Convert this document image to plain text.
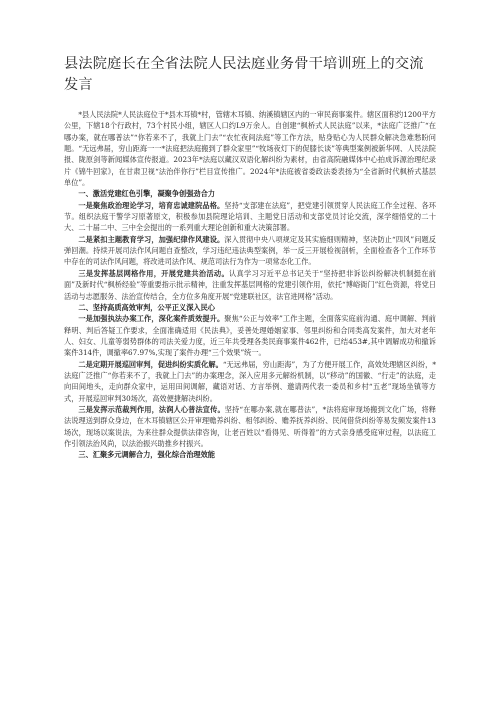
县法院庭长在全省法院人民法庭业务骨干培训班上的交流发言

*县人民法院*人民法庭位于*县木耳镇*村，管辖木耳镇、纳溪镇辖区内的一审民商事案件。辖区面积约1200平方公里，下辖18个行政村，73个村民小组，辖区人口约L9万余人。自创建“枫桥式人民法庭”以来，*法庭广泛推广“在哪办案，就在哪普法”“你若来不了，我就上门去”“农忙夜间法庭”等工作方法，贴身贴心为人民群众解决急难愁盼问题。“无远弗届，穷山距海一一*法庭把法庭搬到了群众家里”“牧场夜灯下的促膝长谈”等典型案例被新华网、人民法院报、陇原剑等新闻媒体宣传报道。2023年*法庭以藏汉双语化解纠纷为素材，由省高院融媒体中心拍成诉源治理纪录片《锦牛回家》，在甘肃卫视“法治伴你行”栏目宣传推广。2024年*法庭被省委政法委表扬为“全省新时代枫桥式基层单位”。

一、激活党建红色引擎，凝聚争创强劲合力

一是聚焦政治理论学习，培育忠诚建院品格。坚持“支部建在法庭”，把党建引领贯穿人民法庭工作全过程、各环节。组织法庭干警学习原著原文，积极参加县院理论培训、主题党日活动和支部党员讨论交流，深学细悟党的二十大、二十届二中、三中全会提出的一系列重大理论创新和重大决策部署。

二是紧扣主题教育学习，加强纪律作风建设。深入贯彻中央八项规定及其实施细则精神，坚决防止“四风”问题反弹回潮。持续开展司法作风问题自查整改，学习违纪违法典型案例，举一反三开展检视剖析，全面检查各个工作环节中存在的司法作风问题，将改进司法作风、规范司法行为作为一项常态化工作。

三是发挥基层网格作用，开展党建共治活动。认真学习习近平总书记关于“坚持把非诉讼纠纷解决机制挺在前面”及新时代“枫桥经验”等重要指示批示精神，注重发挥基层网格的党建引领作用，依托“博峪衙门”红色资源，将党日活动与志愿服务、法治宣传结合，全方位多角度开展“党建联社区，法官进网格”活动。

二、坚持高质高效审判，公平正义深入民心

一是加强执法办案工作，深化案件质效提升。聚焦“公正与效率”工作主题，全面落实庭前沟通、庭中调解、判前释明、判后答疑工作要求，全面准确适用《民法典》，妥善处理婚姻家事、邻里纠纷和合同类高发案件，加大对老年人、妇女、儿童等弱势群体的司法关爱力度，近三年共受理各类民商事案件462件，已结453#,其中调解成功和撤诉案件314件，调撤率67.97%,实现了案件办理“三个效果”统一。

二是定期开展巡回审判，促进纠纷实质化解。“无远弗届，穷山距海”，为了方便开展工作，高效处理辖区纠纷，*法庭广泛推广“你若来不了，我就上门去”的办案理念，深入应用多元解纷机制，以“移动”的国徽、“行走”的法庭，走向田间地头，走向群众家中，运用田间调解，藏语对话、方言举例、邀请两代表一委员和乡村“五老”现场坐镇等方式，开展巡回审判30场次，高效便捷解决纠纷。

三是发挥示范裁判作用，法润人心普法宣传。坚持“在哪办案,就在哪普法”，*法将庭审现场搬到文化广场，将释法说理送到群众身边，在木耳镇辖区公开审理赡养纠纷、相邻纠纷、赡养抚养纠纷、民间借贷纠纷等易发频发案件13场次，现场以案说法，为来往群众提供法律咨询，让老百姓以“看得见、听得着”的方式亲身感受庭审过程，以法庭工作引领法治风尚，以法治振兴助推乡村振兴。

三、汇聚多元调解合力，强化综合治理效能
